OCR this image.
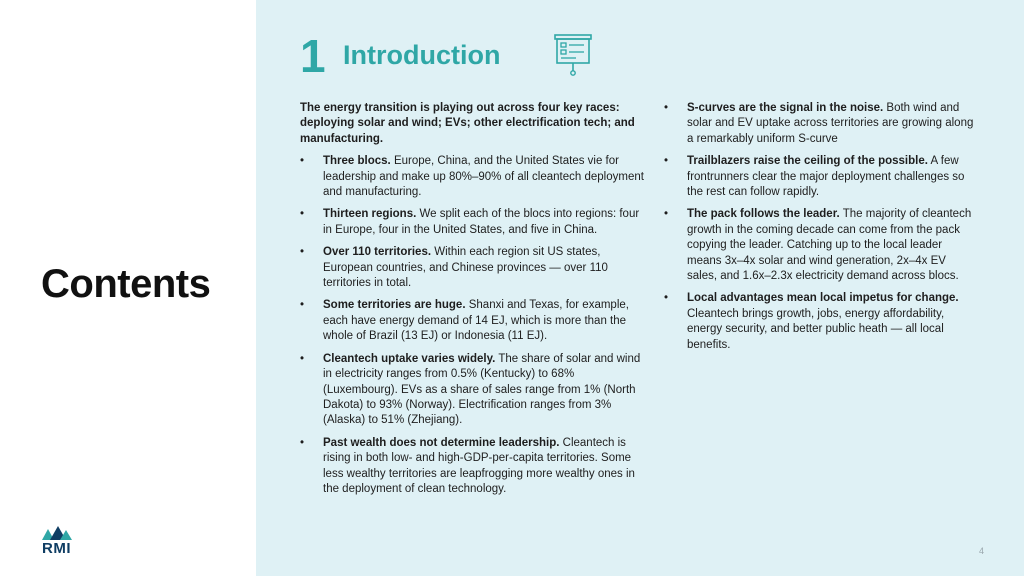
Contents
RMI
1 Introduction

The energy transition is playing out across four key races: deploying solar and wind; EVs; other electrification tech; and manufacturing.

• Three blocs. Europe, China, and the United States vie for leadership and make up 80%–90% of all cleantech deployment and manufacturing.
• Thirteen regions. We split each of the blocs into regions: four in Europe, four in the United States, and five in China.
• Over 110 territories. Within each region sit US states, European countries, and Chinese provinces — over 110 territories in total.
• Some territories are huge. Shanxi and Texas, for example, each have energy demand of 14 EJ, which is more than the whole of Brazil (13 EJ) or Indonesia (11 EJ).
• Cleantech uptake varies widely. The share of solar and wind in electricity ranges from 0.5% (Kentucky) to 68% (Luxembourg). EVs as a share of sales range from 1% (North Dakota) to 93% (Norway). Electrification ranges from 3% (Alaska) to 51% (Zhejiang).
• Past wealth does not determine leadership. Cleantech is rising in both low- and high-GDP-per-capita territories. Some less wealthy territories are leapfrogging more wealthy ones in the deployment of clean technology.
• S-curves are the signal in the noise. Both wind and solar and EV uptake across territories are growing along a remarkably uniform S-curve
• Trailblazers raise the ceiling of the possible. A few frontrunners clear the major deployment challenges so the rest can follow rapidly.
• The pack follows the leader. The majority of cleantech growth in the coming decade can come from the pack copying the leader. Catching up to the local leader means 3x–4x solar and wind generation, 2x–4x EV sales, and 1.6x–2.3x electricity demand across blocs.
• Local advantages mean local impetus for change. Cleantech brings growth, jobs, energy affordability, energy security, and better public heath — all local benefits.
4
